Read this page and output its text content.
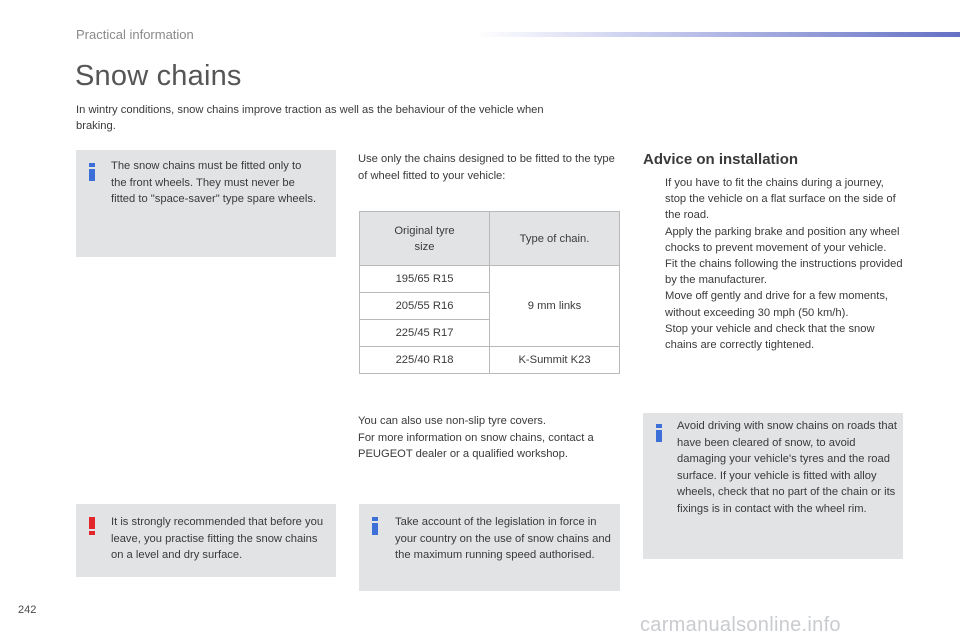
Practical information
Snow chains

In wintry conditions, snow chains improve traction as well as the behaviour of the vehicle when braking.

The snow chains must be fitted only to the front wheels. They must never be fitted to "space-saver" type spare wheels.

It is strongly recommended that before you leave, you practise fitting the snow chains on a level and dry surface.

Use only the chains designed to be fitted to the type of wheel fitted to your vehicle:

Original tyre size	Type of chain.
195/65 R15	9 mm links
205/55 R16	
225/45 R17	
225/40 R18	K-Summit K23

You can also use non-slip tyre covers.

For more information on snow chains, contact a PEUGEOT dealer or a qualified workshop.

Take account of the legislation in force in your country on the use of snow chains and the maximum running speed authorised.

Advice on installation
If you have to fit the chains during a journey, stop the vehicle on a flat surface on the side of the road.
Apply the parking brake and position any wheel chocks to prevent movement of your vehicle.
Fit the chains following the instructions provided by the manufacturer.
Move off gently and drive for a few moments, without exceeding 30 mph (50 km/h).
Stop your vehicle and check that the snow chains are correctly tightened.

Avoid driving with snow chains on roads that have been cleared of snow, to avoid damaging your vehicle's tyres and the road surface. If your vehicle is fitted with alloy wheels, check that no part of the chain or its fixings is in contact with the wheel rim.

242
carmanualsonline.info
